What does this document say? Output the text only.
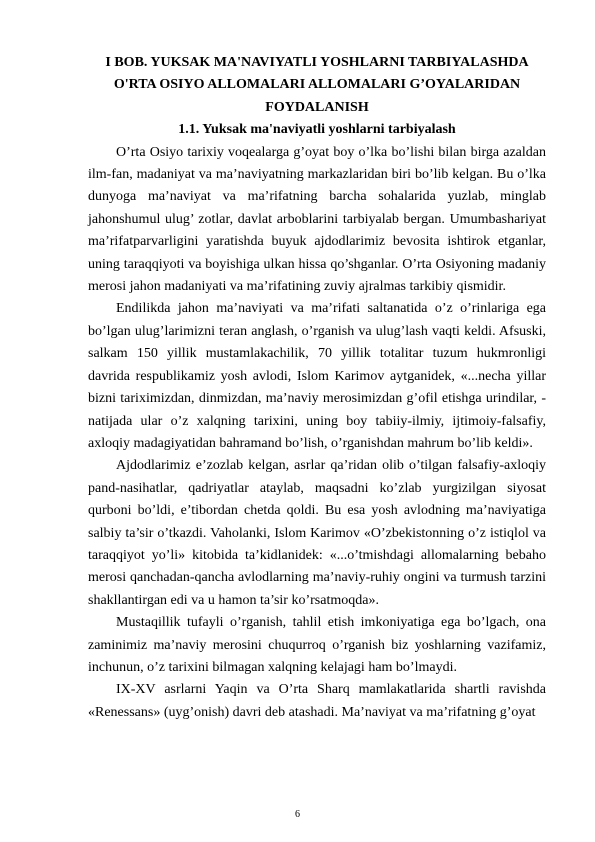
I BOB. YUKSAK MA'NAVIYATLI YOSHLARNI TARBIYALASHDA

O'RTA OSIYO ALLOMALARI ALLOMALARI G’OYALARIDAN

FOYDALANISH

1.1. Yuksak ma'naviyatli yoshlarni tarbiyalash

O’rta Osiyo tarixiy voqealarga g’oyat boy o’lka bo’lishi bilan birga azaldan ilm-fan, madaniyat va ma’naviyatning markazlaridan biri bo’lib kelgan. Bu o’lka dunyoga ma’naviyat va ma’rifatning barcha sohalarida yuzlab, minglab jahonshumul ulug’ zotlar, davlat arboblarini tarbiyalab bergan. Umumbashariyat ma’rifatparvarligini yaratishda buyuk ajdodlarimiz bevosita ishtirok etganlar, uning taraqqiyoti va boyishiga ulkan hissa qo’shganlar. O’rta Osiyoning madaniy merosi jahon madaniyati va ma’rifatining zuviy ajralmas tarkibiy qismidir.

Endilikda jahon ma’naviyati va ma’rifati saltanatida o’z o’rinlariga ega bo’lgan ulug’larimizni teran anglash, o’rganish va ulug’lash vaqti keldi. Afsuski, salkam 150 yillik mustamlakachilik, 70 yillik totalitar tuzum hukmronligi davrida respublikamiz yosh avlodi, Islom Karimov aytganidek, «...necha yillar bizni tariximizdan, dinmizdan, ma’naviy merosimizdan g’ofil etishga urindilar, - natijada ular o’z xalqning tarixini, uning boy tabiiy-ilmiy, ijtimoiy-falsafiy, axloqiy madagiyatidan bahramand bo’lish, o’rganishdan mahrum bo’lib keldi».

Ajdodlarimiz e’zozlab kelgan, asrlar qa’ridan olib o’tilgan falsafiy-axloqiy pand-nasihatlar, qadriyatlar ataylab, maqsadni ko’zlab yurgizilgan siyosat qurboni bo’ldi, e’tibordan chetda qoldi. Bu esa yosh avlodning ma’naviyatiga salbiy ta’sir o’tkazdi. Vaholanki, Islom Karimov «O’zbekistonning o’z istiqlol va taraqqiyot yo’li» kitobida ta’kidlanidek: «...o’tmishdagi allomalarning bebaho merosi qanchadan-qancha avlodlarning ma’naviy-ruhiy ongini va turmush tarzini shakllantirgan edi va u hamon ta’sir ko’rsatmoqda».

Mustaqillik tufayli o’rganish, tahlil etish imkoniyatiga ega bo’lgach, ona zaminimiz ma’naviy merosini chuqurroq o’rganish biz yoshlarning vazifamiz, inchunun, o’z tarixini bilmagan xalqning kelajagi ham bo’lmaydi.

IX-XV asrlarni Yaqin va O’rta Sharq mamlakatlarida shartli ravishda «Renessans» (uyg’onish) davri deb atashadi. Ma’naviyat va ma’rifatning g’oyat

6
